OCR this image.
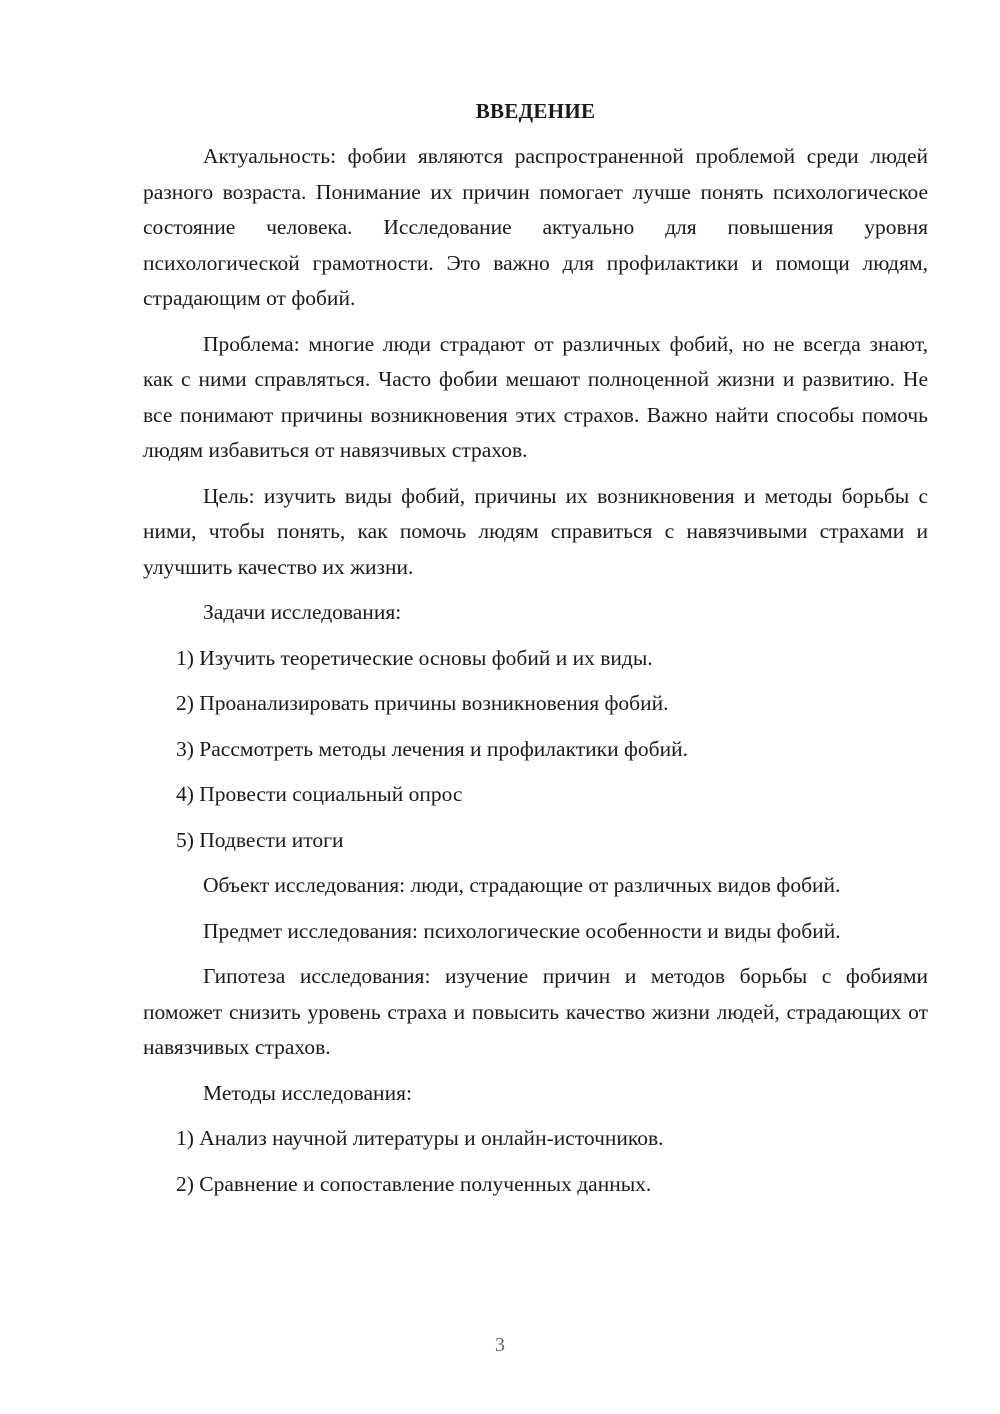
ВВЕДЕНИЕ

Актуальность: фобии являются распространенной проблемой среди людей разного возраста. Понимание их причин помогает лучше понять психологическое состояние человека. Исследование актуально для повышения уровня психологической грамотности. Это важно для профилактики и помощи людям, страдающим от фобий.

Проблема: многие люди страдают от различных фобий, но не всегда знают, как с ними справляться. Часто фобии мешают полноценной жизни и развитию. Не все понимают причины возникновения этих страхов. Важно найти способы помочь людям избавиться от навязчивых страхов.

Цель: изучить виды фобий, причины их возникновения и методы борьбы с ними, чтобы понять, как помочь людям справиться с навязчивыми страхами и улучшить качество их жизни.

Задачи исследования:
1) Изучить теоретические основы фобий и их виды.
2) Проанализировать причины возникновения фобий.
3) Рассмотреть методы лечения и профилактики фобий.
4) Провести социальный опрос
5) Подвести итоги

Объект исследования: люди, страдающие от различных видов фобий.

Предмет исследования: психологические особенности и виды фобий.

Гипотеза исследования: изучение причин и методов борьбы с фобиями поможет снизить уровень страха и повысить качество жизни людей, страдающих от навязчивых страхов.

Методы исследования:
1) Анализ научной литературы и онлайн-источников.
2) Сравнение и сопоставление полученных данных.
3
